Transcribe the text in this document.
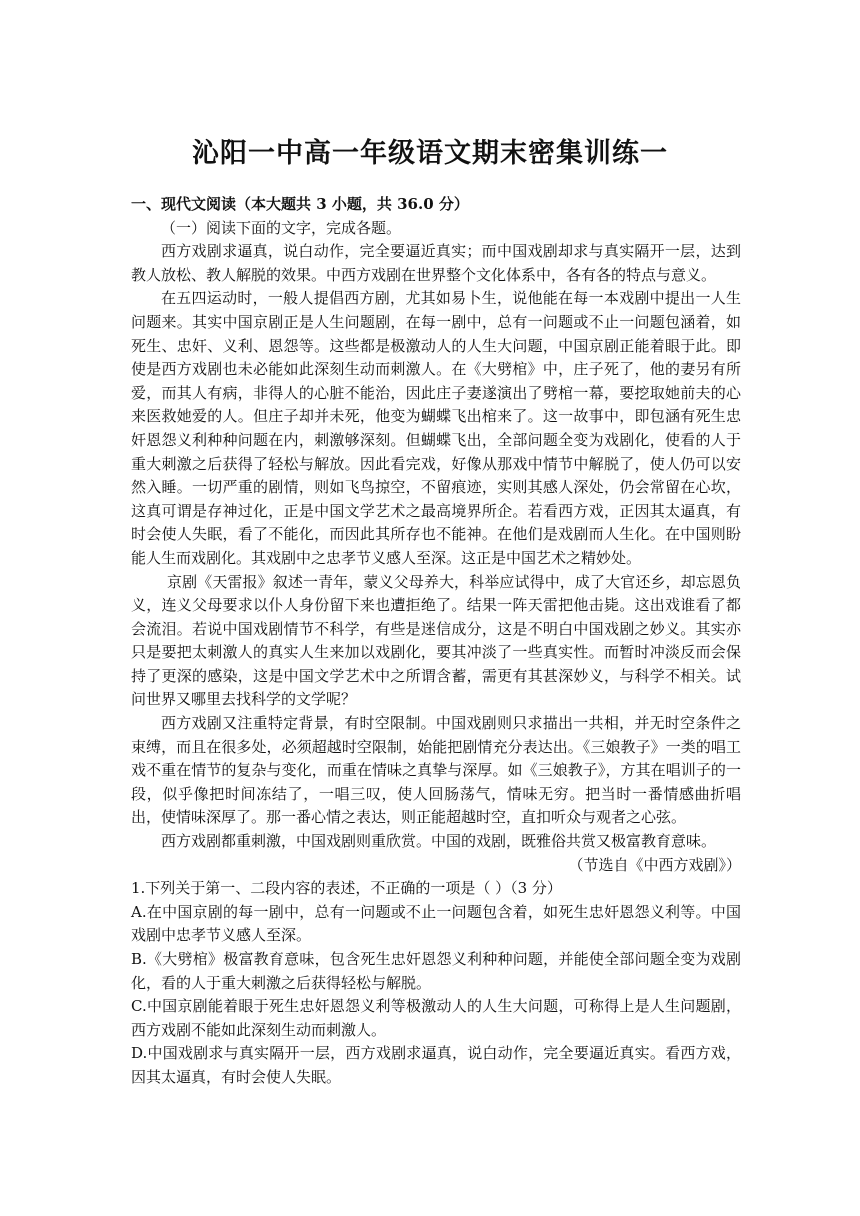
沁阳一中高一年级语文期末密集训练一

一、现代文阅读（本大题共 3 小题，共 36.0 分）

（一）阅读下面的文字，完成各题。

西方戏剧求逼真，说白动作，完全要逼近真实；而中国戏剧却求与真实隔开一层，达到教人放松、教人解脱的效果。中西方戏剧在世界整个文化体系中，各有各的特点与意义。

在五四运动时，一般人提倡西方剧，尤其如易卜生，说他能在每一本戏剧中提出一人生问题来。其实中国京剧正是人生问题剧，在每一剧中，总有一问题或不止一问题包涵着，如死生、忠奸、义利、恩怨等。这些都是极激动人的人生大问题，中国京剧正能着眼于此。即使是西方戏剧也未必能如此深刻生动而刺激人。在《大劈棺》中，庄子死了，他的妻另有所爱，而其人有病，非得人的心脏不能治，因此庄子妻遂演出了劈棺一幕，要挖取她前夫的心来医救她爱的人。但庄子却并未死，他变为蝴蝶飞出棺来了。这一故事中，即包涵有死生忠奸恩怨义利种种问题在内，刺激够深刻。但蝴蝶飞出，全部问题全变为戏剧化，使看的人于重大刺激之后获得了轻松与解放。因此看完戏，好像从那戏中情节中解脱了，使人仍可以安然入睡。一切严重的剧情，则如飞鸟掠空，不留痕迹，实则其感人深处，仍会常留在心坎，这真可谓是存神过化，正是中国文学艺术之最高境界所企。若看西方戏，正因其太逼真，有时会使人失眠，看了不能化，而因此其所存也不能神。在他们是戏剧而人生化。在中国则盼能人生而戏剧化。其戏剧中之忠孝节义感人至深。这正是中国艺术之精妙处。

京剧《天雷报》叙述一青年，蒙义父母养大，科举应试得中，成了大官还乡，却忘恩负义，连义父母要求以仆人身份留下来也遭拒绝了。结果一阵天雷把他击毙。这出戏谁看了都会流泪。若说中国戏剧情节不科学，有些是迷信成分，这是不明白中国戏剧之妙义。其实亦只是要把太刺激人的真实人生来加以戏剧化，要其冲淡了一些真实性。而暂时冲淡反而会保持了更深的感染，这是中国文学艺术中之所谓含蓄，需更有其甚深妙义，与科学不相关。试问世界又哪里去找科学的文学呢？

西方戏剧又注重特定背景，有时空限制。中国戏剧则只求描出一共相，并无时空条件之束缚，而且在很多处，必须超越时空限制，始能把剧情充分表达出。《三娘教子》一类的唱工戏不重在情节的复杂与变化，而重在情味之真挚与深厚。如《三娘教子》，方其在唱训子的一段，似乎像把时间冻结了，一唱三叹，使人回肠荡气，情味无穷。把当时一番情感曲折唱出，使情味深厚了。那一番心情之表达，则正能超越时空，直扣听众与观者之心弦。

西方戏剧都重刺激，中国戏剧则重欣赏。中国的戏剧，既雅俗共赏又极富教育意味。

（节选自《中西方戏剧》）

1.下列关于第一、二段内容的表述，不正确的一项是（ ）（3 分）

A.在中国京剧的每一剧中，总有一问题或不止一问题包含着，如死生忠奸恩怨义利等。中国戏剧中忠孝节义感人至深。

B.《大劈棺》极富教育意味，包含死生忠奸恩怨义利种种问题，并能使全部问题全变为戏剧化，看的人于重大刺激之后获得轻松与解脱。

C.中国京剧能着眼于死生忠奸恩怨义利等极激动人的人生大问题，可称得上是人生问题剧，西方戏剧不能如此深刻生动而刺激人。

D.中国戏剧求与真实隔开一层，西方戏剧求逼真，说白动作，完全要逼近真实。看西方戏，因其太逼真，有时会使人失眠。
